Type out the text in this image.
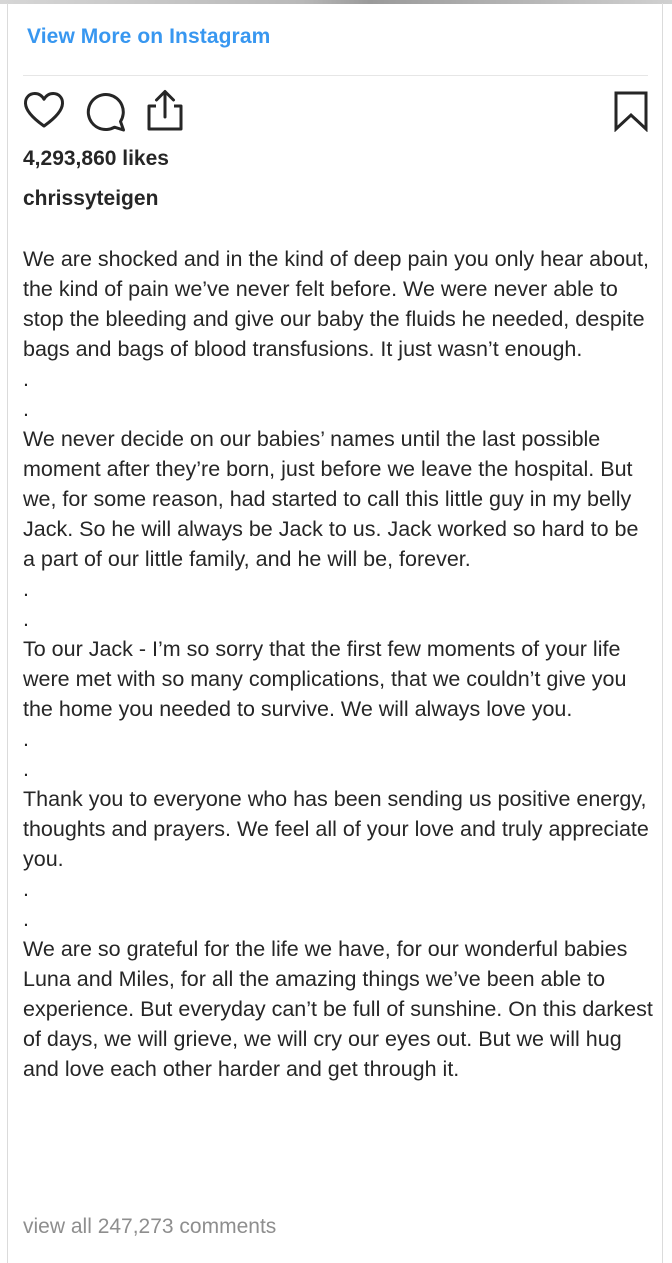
View More on Instagram
4,293,860 likes
chrissyteigen
We are shocked and in the kind of deep pain you only hear about, the kind of pain we’ve never felt before. We were never able to stop the bleeding and give our baby the fluids he needed, despite bags and bags of blood transfusions. It just wasn’t enough.
.
.
We never decide on our babies’ names until the last possible moment after they’re born, just before we leave the hospital. But we, for some reason, had started to call this little guy in my belly Jack. So he will always be Jack to us. Jack worked so hard to be a part of our little family, and he will be, forever.
.
.
To our Jack - I’m so sorry that the first few moments of your life were met with so many complications, that we couldn’t give you the home you needed to survive. We will always love you.
.
.
Thank you to everyone who has been sending us positive energy, thoughts and prayers. We feel all of your love and truly appreciate you.
.
.
We are so grateful for the life we have, for our wonderful babies Luna and Miles, for all the amazing things we’ve been able to experience. But everyday can’t be full of sunshine. On this darkest of days, we will grieve, we will cry our eyes out. But we will hug and love each other harder and get through it.
view all 247,273 comments
